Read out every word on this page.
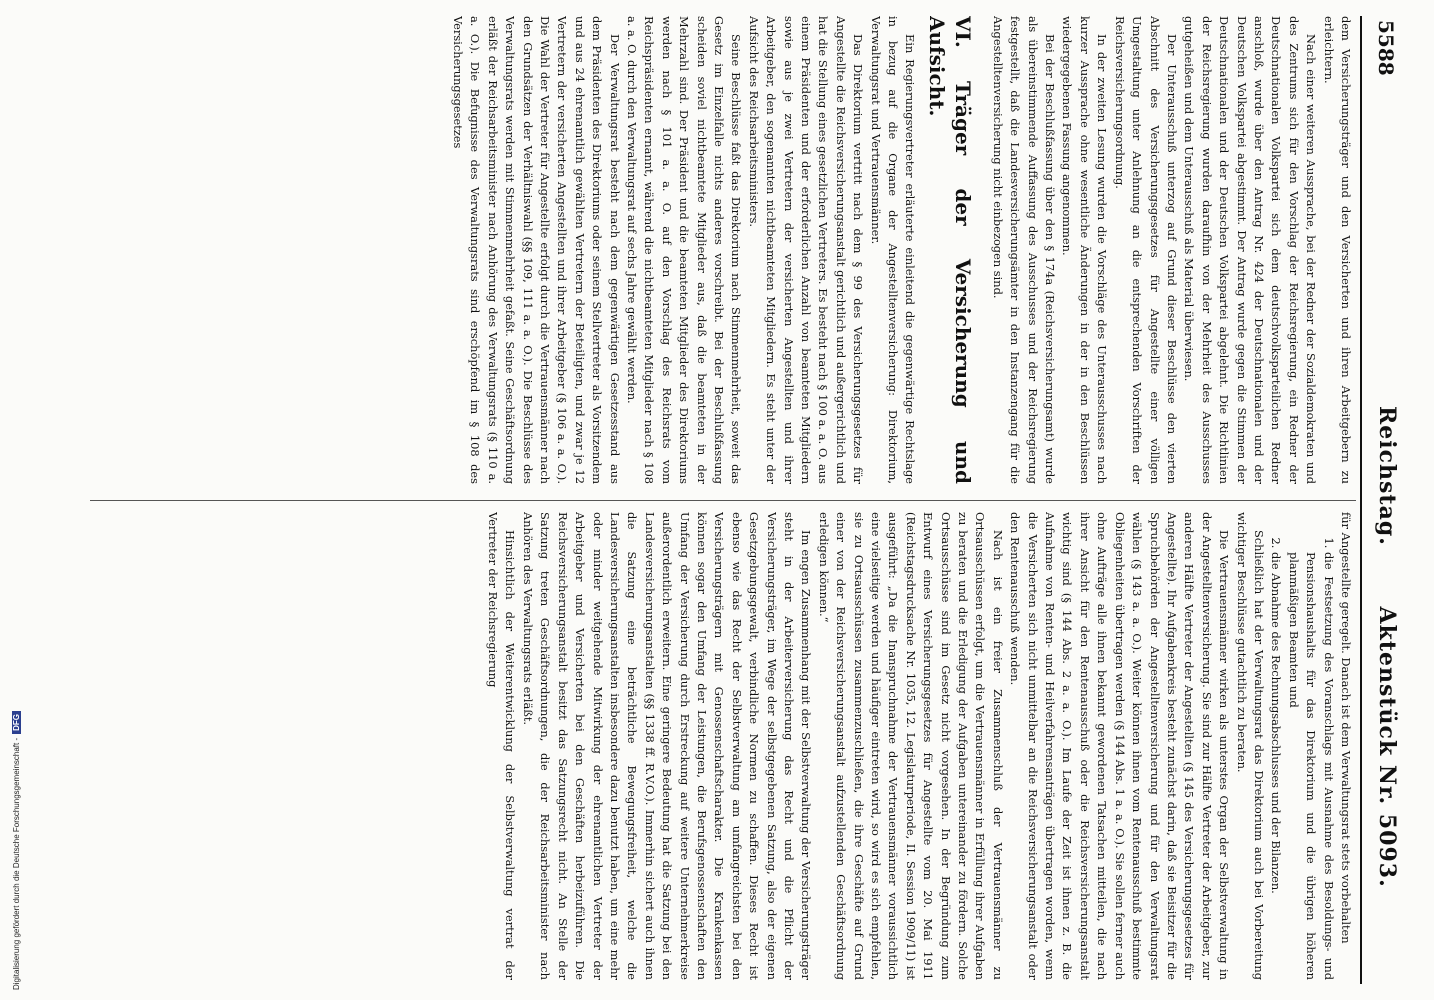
Digitalisierung gefördert durch die Deutsche Forschungsgemeinschaft -DFG
5588
Reichstag. Aktenstück Nr. 5093.

dem Versicherungsträger und den Versicherten und ihren Arbeitgebern zu erleichtern.

Nach einer weiteren Aussprache, bei der Redner der Sozialdemokraten und des Zentrums sich für den Vorschlag der Reichsregierung, ein Redner der Deutschnationalen Volkspartei sich dem deutschvolksparteilichen Redner anschloß, wurde über den Antrag Nr. 424 der Deutschnationalen und der Deutschen Volkspartei abgestimmt. Der Antrag wurde gegen die Stimmen der Deutschnationalen und der Deutschen Volkspartei abgelehnt. Die Richtlinien der Reichsregierung wurden daraufhin von der Mehrheit des Ausschusses gutgeheißen und dem Unterausschuß als Material überwiesen.

Der Unterausschuß unterzog auf Grund dieser Beschlüsse den vierten Abschnitt des Versicherungsgesetzes für Angestellte einer völligen Umgestaltung unter Anlehnung an die entsprechenden Vorschriften der Reichsversicherungsordnung.

In der zweiten Lesung wurden die Vorschläge des Unterausschusses nach kurzer Aussprache ohne wesentliche Änderungen in der in den Beschlüssen wiedergegebenen Fassung angenommen.

Bei der Beschlußfassung über den § 174a (Reichsversicherungsamt) wurde als übereinstimmende Auffassung des Ausschusses und der Reichsregierung festgestellt, daß die Landesversicherungsämter in den Instanzengang für die Angestelltenversicherung nicht einbezogen sind.

VI. Träger der Versicherung und Aufsicht.

Ein Regierungsvertreter erläuterte einleitend die gegenwärtige Rechtslage in bezug auf die Organe der Angestelltenversicherung: Direktorium, Verwaltungsrat und Vertrauensmänner.

Das Direktorium vertritt nach dem § 99 des Versicherungsgesetzes für Angestellte die Reichsversicherungsanstalt gerichtlich und außergerichtlich und hat die Stellung eines gesetzlichen Vertreters. Es besteht nach § 100 a. a. O. aus einem Präsidenten und der erforderlichen Anzahl von beamteten Mitgliedern sowie aus je zwei Vertretern der versicherten Angestellten und ihrer Arbeitgeber, den sogenannten nichtbeamteten Mitgliedern. Es steht unter der Aufsicht des Reichsarbeitsministers.

Seine Beschlüsse faßt das Direktorium nach Stimmenmehrheit, soweit das Gesetz im Einzelfalle nichts anderes vorschreibt. Bei der Beschlußfassung scheiden soviel nichtbeamtete Mitglieder aus, daß die beamteten in der Mehrzahl sind. Der Präsident und die beamteten Mitglieder des Direktoriums werden nach § 101 a. a. O. auf den Vorschlag des Reichsrats vom Reichspräsidenten ernannt, während die nichtbeamteten Mitglieder nach § 108 a. a. O. durch den Verwaltungsrat auf sechs Jahre gewählt werden.

Der Verwaltungsrat besteht nach dem gegenwärtigen Gesetzesstand aus dem Präsidenten des Direktoriums oder seinem Stellvertreter als Vorsitzendem und aus 24 ehrenamtlich gewählten Vertretern der Beteiligten, und zwar je 12 Vertretern der versicherten Angestellten und ihrer Arbeitgeber (§ 106 a. a. O.). Die Wahl der Vertreter für Angestellte erfolgt durch die Vertrauensmänner nach den Grundsätzen der Verhältniswahl (§§ 109, 111 a. a. O.). Die Beschlüsse des Verwaltungsrats werden mit Stimmenmehrheit gefaßt. Seine Geschäftsordnung erläßt der Reichsarbeitsminister nach Anhörung des Verwaltungsrats (§ 110 a. a. O.). Die Befugnisse des Verwaltungsrats sind erschöpfend im § 108 des Versicherungsgesetzes

für Angestellte geregelt. Danach ist dem Verwaltungsrat stets vorbehalten

1. die Festsetzung des Voranschlags mit Ausnahme des Besoldungs- und Pensionshaushalts für das Direktorium und die übrigen höheren planmäßigen Beamten und
2. die Abnahme des Rechnungsabschlusses und der Bilanzen.

Schließlich hat der Verwaltungsrat das Direktorium auch bei Vorbereitung wichtiger Beschlüsse gutachtlich zu beraten.

Die Vertrauensmänner wirken als unterstes Organ der Selbstverwaltung in der Angestelltenversicherung. Sie sind zur Hälfte Vertreter der Arbeitgeber, zur anderen Hälfte Vertreter der Angestellten (§ 145 des Versicherungsgesetzes für Angestellte). Ihr Aufgabenkreis besteht zunächst darin, daß sie Beisitzer für die Spruchbehörden der Angestelltenversicherung und für den Verwaltungsrat wählen (§ 143 a. a. O.). Weiter können ihnen vom Rentenausschuß bestimmte Obliegenheiten übertragen werden (§ 144 Abs. 1 a. a. O.). Sie sollen ferner auch ohne Aufträge alle ihnen bekannt gewordenen Tatsachen mitteilen, die nach ihrer Ansicht für den Rentenausschuß oder die Reichsversicherungsanstalt wichtig sind (§ 144 Abs. 2 a. a. O.). Im Laufe der Zeit ist ihnen z. B. die Aufnahme von Renten- und Heilverfahrensanträgen übertragen worden, wenn die Versicherten sich nicht unmittelbar an die Reichsversicherungsanstalt oder den Rentenausschuß wenden.

Nach ist ein freier Zusammenschluß der Vertrauensmänner zu Ortsausschüssen erfolgt, um die Vertrauensmänner in Erfüllung ihrer Aufgaben zu beraten und die Erledigung der Aufgaben untereinander zu fördern. Solche Ortsausschüsse sind im Gesetz nicht vorgesehen. In der Begründung zum Entwurf eines Versicherungsgesetzes für Angestellte vom 20. Mai 1911 (Reichstagsdrucksache Nr. 1035, 12. Legislaturperiode, II. Session 1909/11) ist ausgeführt: „Da die Inanspruchnahme der Vertrauensmänner voraussichtlich eine vielseitige werden und häufiger eintreten wird, so wird es sich empfehlen, sie zu Ortsausschüssen zusammenzuschließen, die ihre Geschäfte auf Grund einer von der Reichsversicherungsanstalt aufzustellenden Geschäftsordnung erledigen können.“

Im engen Zusammenhang mit der Selbstverwaltung der Versicherungsträger steht in der Arbeiterversicherung das Recht und die Pflicht der Versicherungsträger, im Wege der selbstgegebenen Satzung, also der eigenen Gesetzgebungsgewalt, verbindliche Normen zu schaffen. Dieses Recht ist ebenso wie das Recht der Selbstverwaltung am umfangreichsten bei den Versicherungsträgern mit Genossenschaftscharakter. Die Krankenkassen können sogar den Umfang der Leistungen, die Berufsgenossenschaften den Umfang der Versicherung durch Erstreckung auf weitere Unternehmerkreise außerordentlich erweitern. Eine geringere Bedeutung hat die Satzung bei den Landesversicherungsanstalten (§§ 1338 ff. R.V.O.). Immerhin sichert auch ihnen die Satzung eine beträchtliche Bewegungsfreiheit, welche die Landesversicherungsanstalten insbesondere dazu benutzt haben, um eine mehr oder minder weitgehende Mitwirkung der ehrenamtlichen Vertreter der Arbeitgeber und Versicherten bei den Geschäften herbeizuführen. Die Reichsversicherungsanstalt besitzt das Satzungsrecht nicht. An Stelle der Satzung treten Geschäftsordnungen, die der Reichsarbeitsminister nach Anhören des Verwaltungsrats erläßt.

Hinsichtlich der Weiterentwicklung der Selbstverwaltung vertrat der Vertreter der Reichsregierung
